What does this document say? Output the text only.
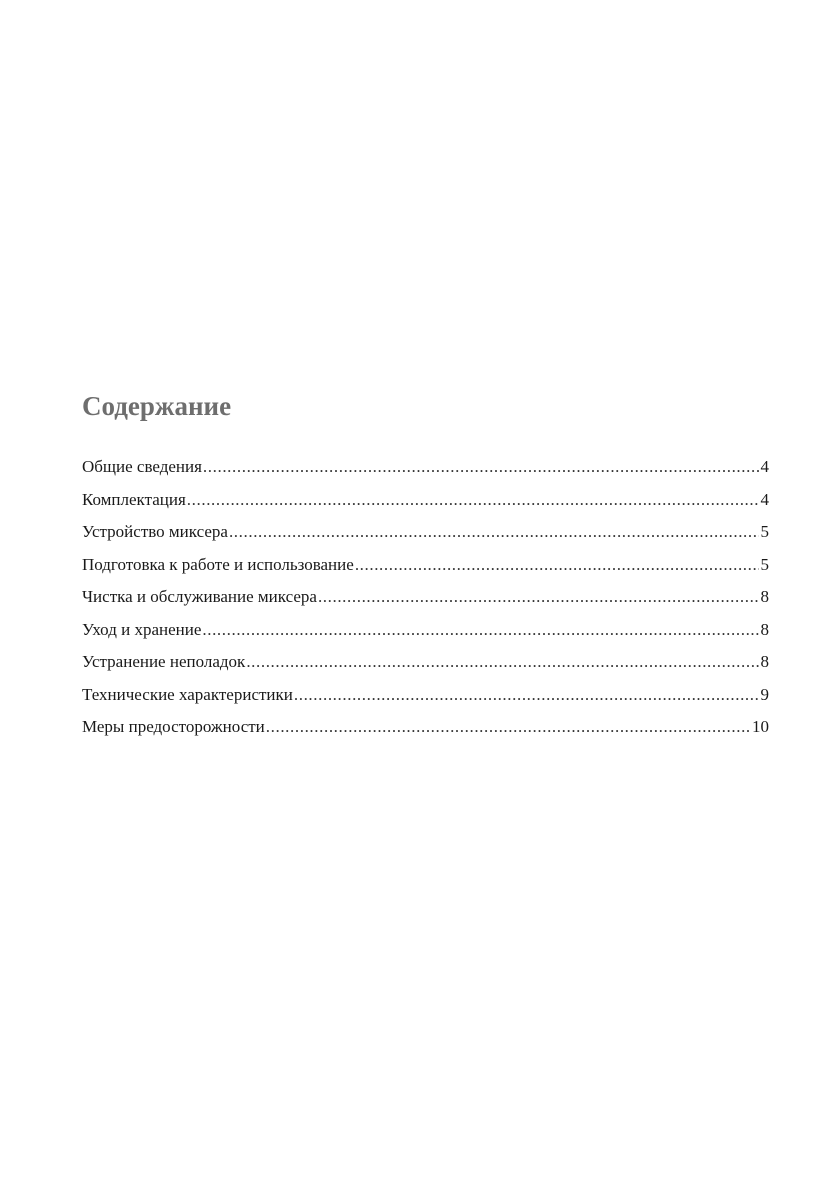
Содержание
Общие сведения .....	4
Комплектация .....	4
Устройство миксера .....	5
Подготовка к работе и использование .....	5
Чистка и обслуживание миксера .....	8
Уход и хранение .....	8
Устранение неполадок .....	8
Технические характеристики .....	9
Меры предосторожности .....	10
